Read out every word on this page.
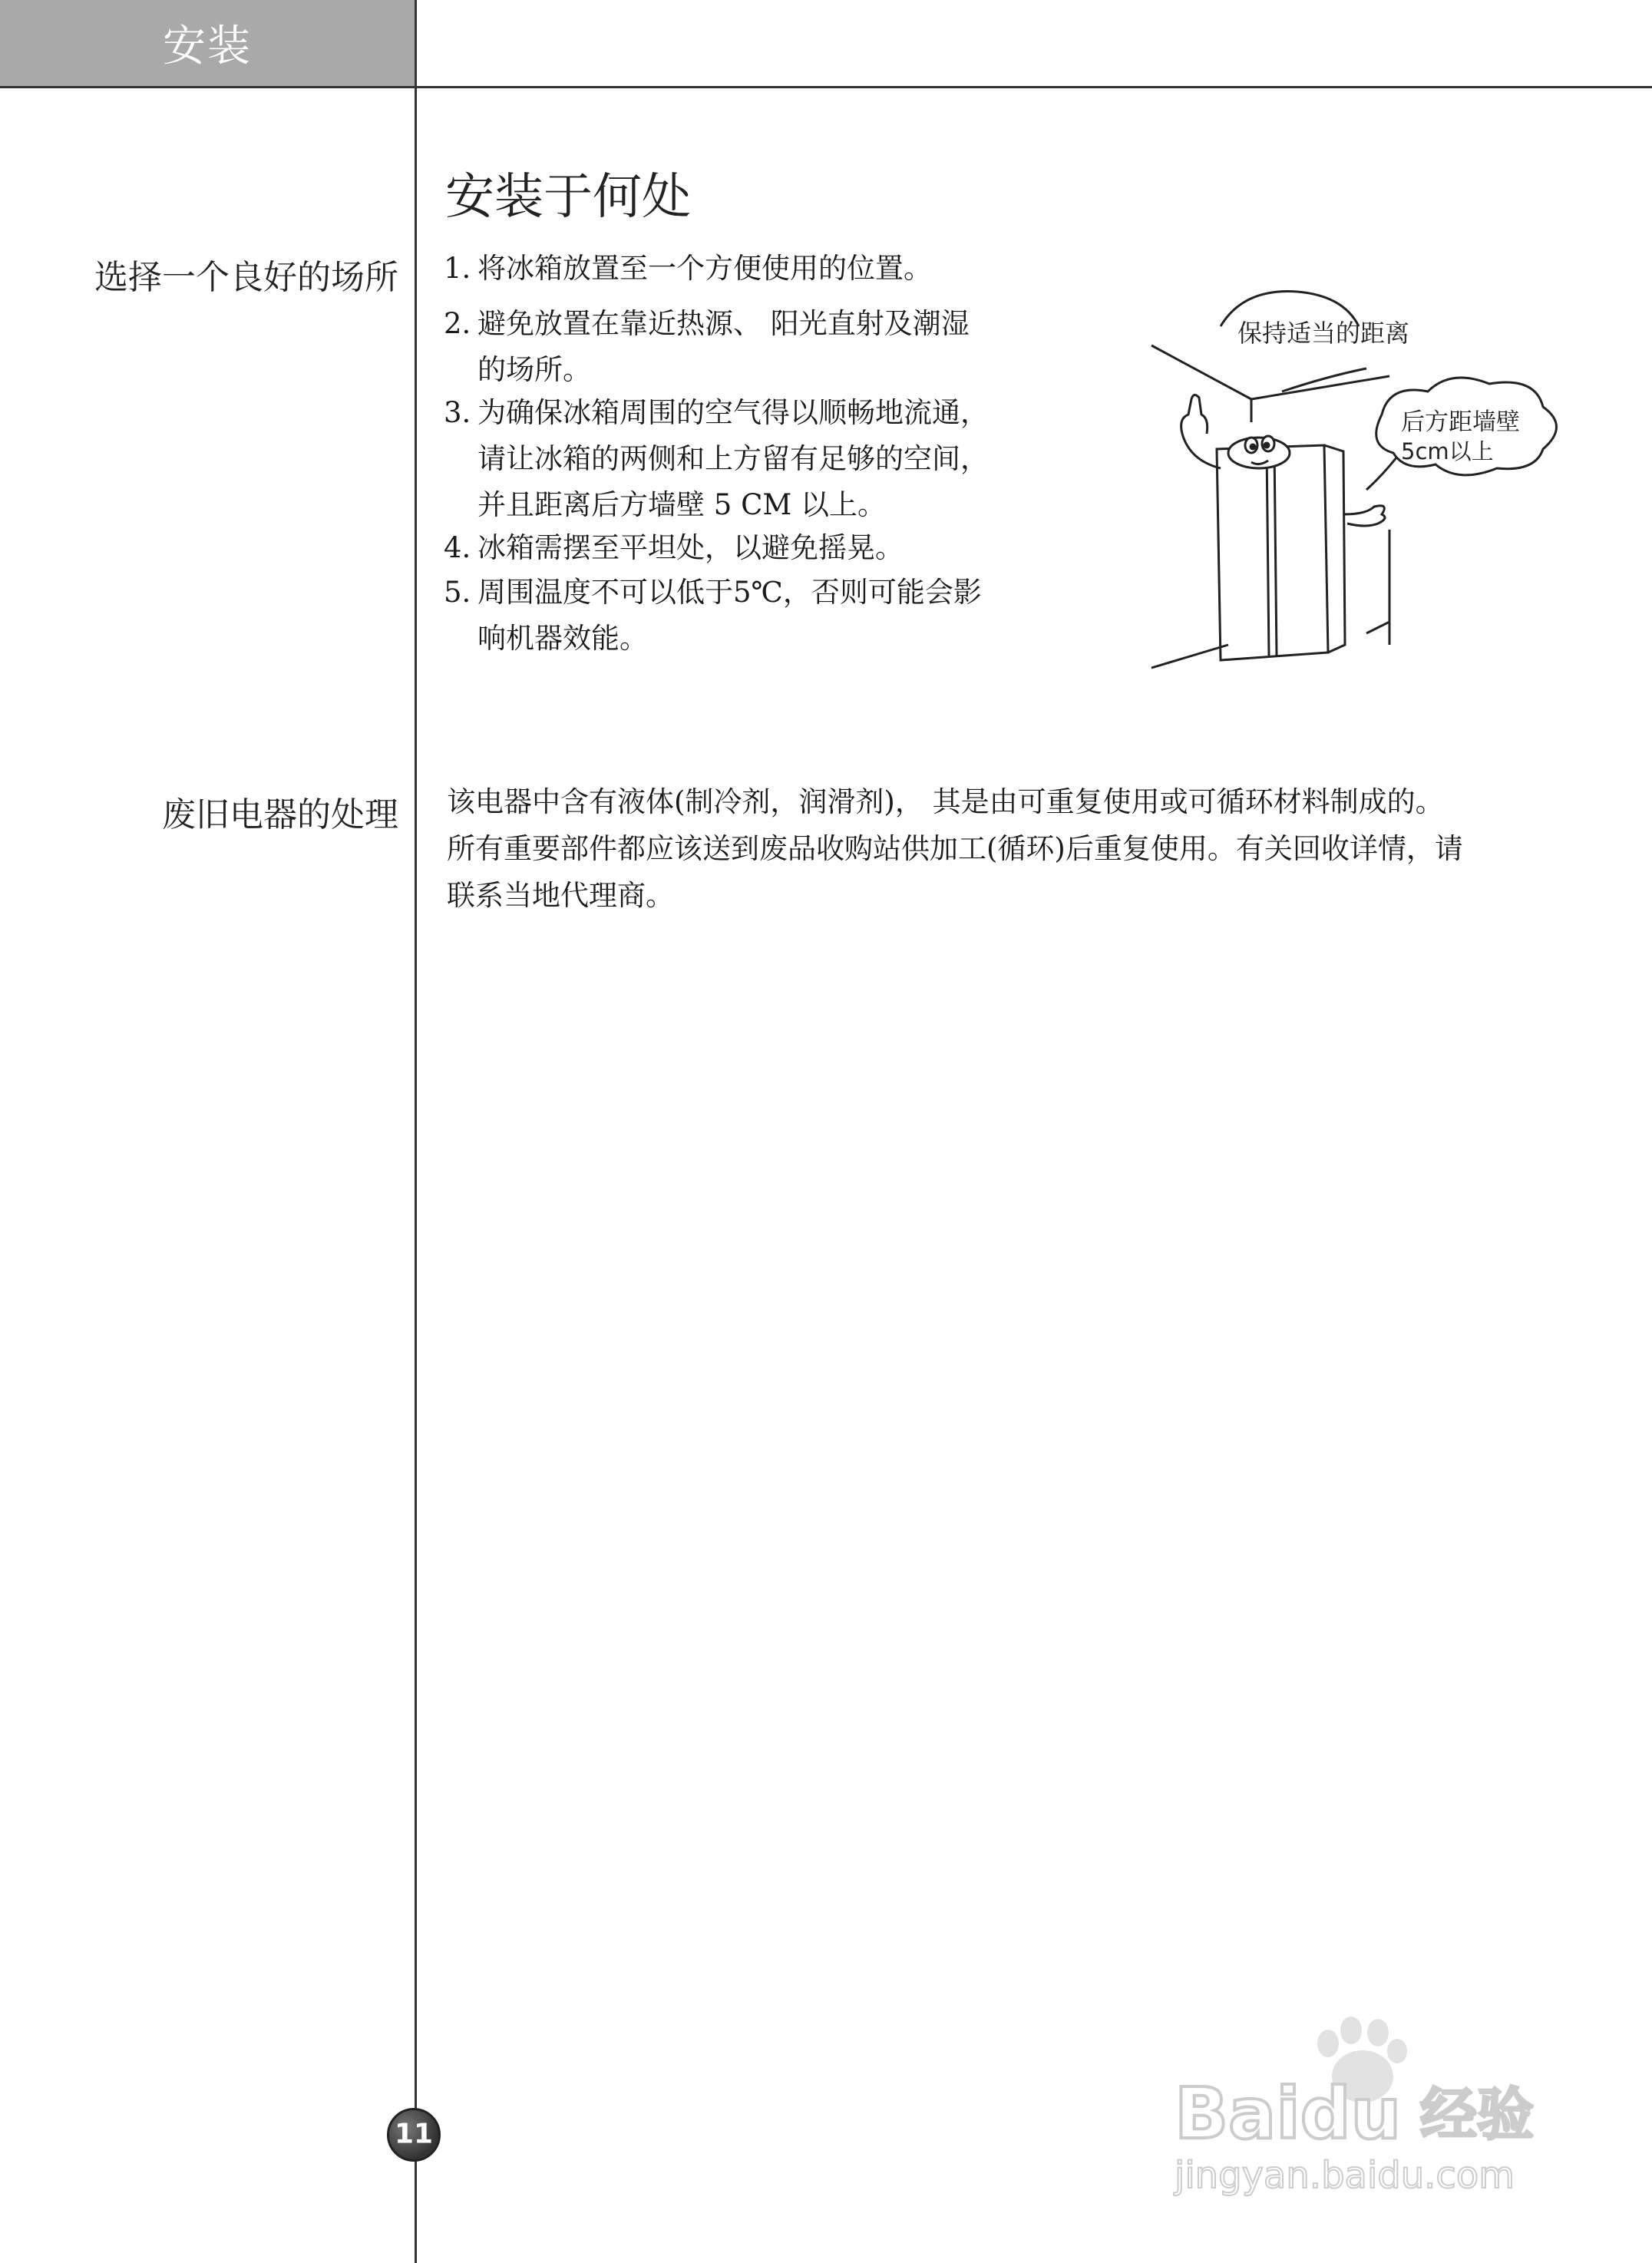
安装
安装于何处
选择一个良好的场所 1. 将冰箱放置至一个方便使用的位置。
2. 避免放置在靠近热源、 阳光直射及潮湿
的场所。
3. 为确保冰箱周围的空气得以顺畅地流通，
请让冰箱的两侧和上方留有足够的空间，
并且距离后方墙壁 5 CM 以上。
4. 冰箱需摆至平坦处，以避免摇晃。
5. 周围温度不可以低于5℃，否则可能会影
响机器效能。
保持适当的距离
后方距墙壁
5cm以上
废旧电器的处理 该电器中含有液体(制冷剂，润滑剂)， 其是由可重复使用或可循环材料制成的。

所有重要部件都应该送到废品收购站供加工(循环)后重复使用。有关回收详情，请

联系当地代理商。

11	Baidu 经验
jingyan.baidu.com
